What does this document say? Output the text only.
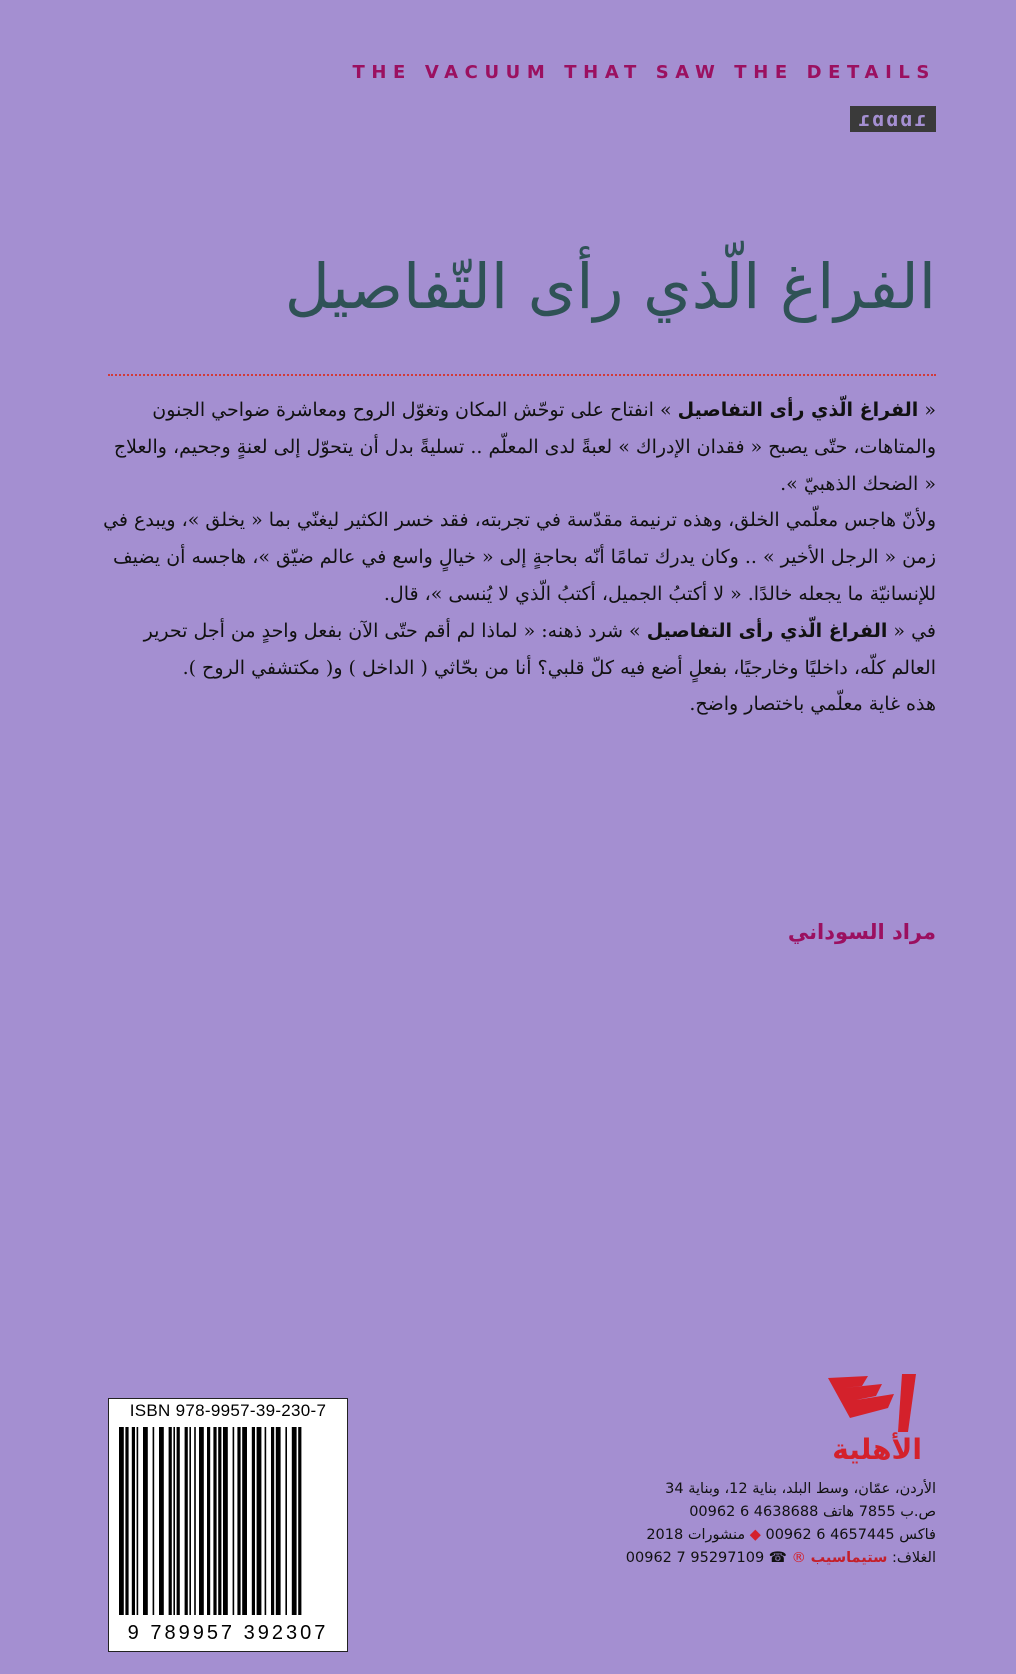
THE VACUUM THAT SAW THE DETAILS
ɾɑɑɑɾ
الفراغ الّذي رأى التّفاصيل

« الفراغ الّذي رأى التفاصيل » انفتاح على توحّش المكان وتغوّل الروح ومعاشرة ضواحي الجنون والمتاهات، حتّى يصبح « فقدان الإدراك » لعبةً لدى المعلّم .. تسليةً بدل أن يتحوّل إلى لعنةٍ وجحيم، والعلاج « الضحك الذهبيّ ».

ولأنّ هاجس معلّمي الخلق، وهذه ترنيمة مقدّسة في تجربته، فقد خسر الكثير ليغنّي بما « يخلق »، ويبدع في زمن « الرجل الأخير » .. وكان يدرك تمامًا أنّه بحاجةٍ إلى « خيالٍ واسع في عالم ضيّق »، هاجسه أن يضيف للإنسانيّة ما يجعله خالدًا. « لا أكتبُ الجميل، أكتبُ الّذي لا يُنسى »، قال.

في « الفراغ الّذي رأى التفاصيل » شرد ذهنه: « لماذا لم أقم حتّى الآن بفعل واحدٍ من أجل تحرير العالم كلّه، داخليًا وخارجيًا، بفعلٍ أضع فيه كلّ قلبي؟ أنا من بحّاثي ( الداخل ) و( مكتشفي الروح ).

هذه غاية معلّمي باختصار واضح.

مراد السوداني
ISBN 978-9957-39-230-7
9 789957 392307
الأهلية
الأردن، عمّان، وسط البلد، بناية 12، وبناية 34
ص.ب 7855 هاتف 4638688 6 00962
فاكس 4657445 6 00962 ◆ منشورات 2018
الغلاف: ستيماسيب ® ☎ 95297109 7 00962
